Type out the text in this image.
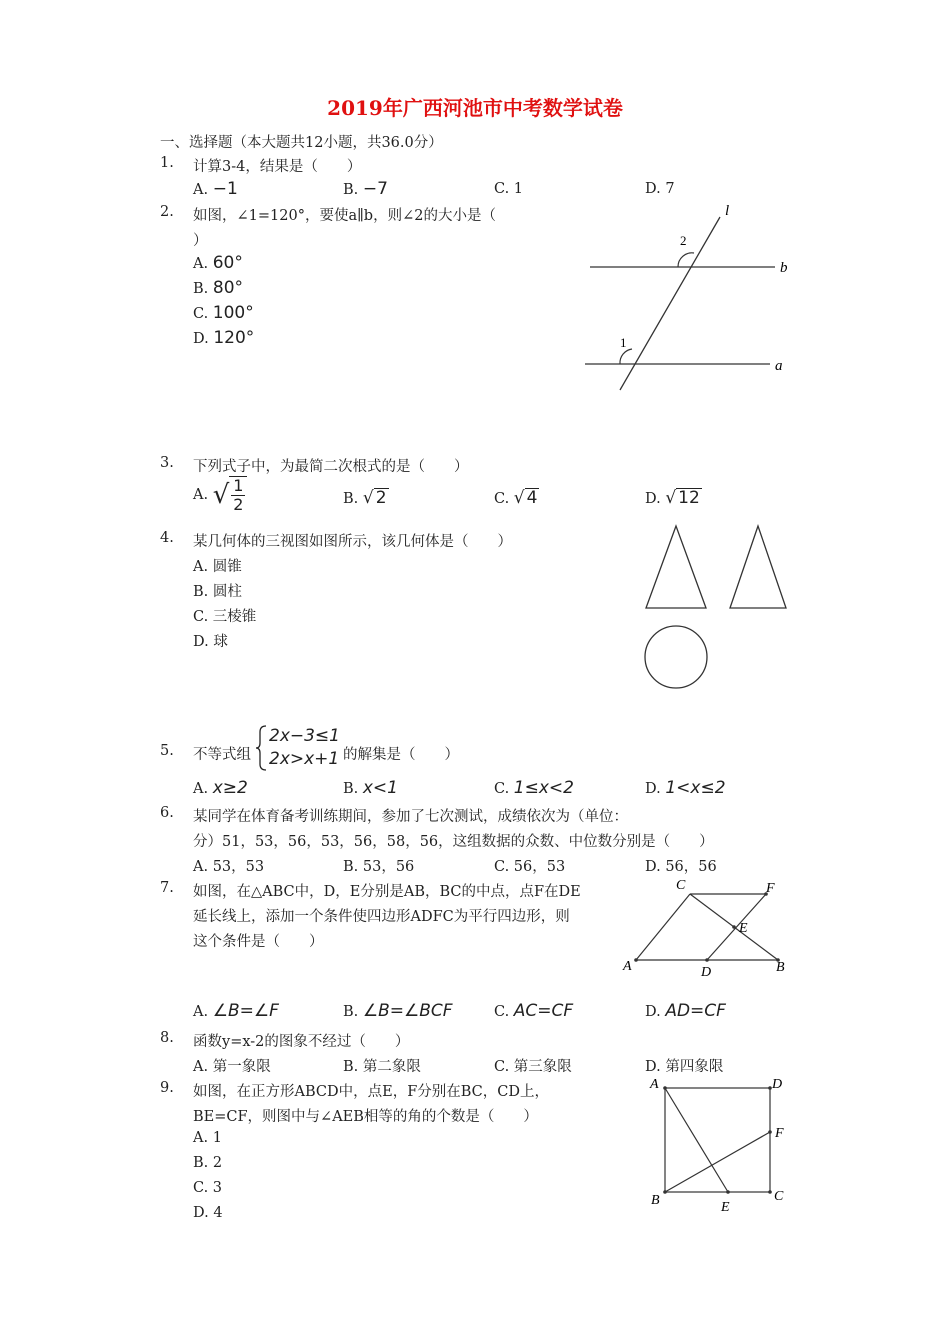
2019年广西河池市中考数学试卷
一、选择题（本大题共12小题，共36.0分）
1. 计算3-4，结果是（　　）
A. −1	B. −7	C. 1	D. 7
2. 如图，∠1=120°，要使a∥b，则∠2的大小是（
）
A. 60°
B. 80°
C. 100°
D. 120°
l
2
b
1
a
3. 下列式子中，为最简二次根式的是（　　）
A. √ $\frac{1}{2}$	B. √ 2	C. √ 4	D. √ 12
4. 某几何体的三视图如图所示，该几何体是（　　）
A. 圆锥
B. 圆柱
C. 三棱锥
D. 球
5. 不等式组
2x−3≤1
2x>x+1 的解集是（　　）
A. x≥2	B. x<1	C. 1≤x<2	D. 1<x≤2
6. 某同学在体育备考训练期间，参加了七次测试，成绩依次为（单位：
分）51，53，56，53，56，58，56，这组数据的众数、中位数分别是（　　）
A. 53，53	B. 53，56	C. 56，53	D. 56，56
7. 如图，在△ABC中，D，E分别是AB，BC的中点，点F在DE
延长线上，添加一个条件使四边形ADFC为平行四边形，则
这个条件是（　　）
A. ∠B=∠F	B. ∠B=∠BCF	C. AC=CF	D. AD=CF
C	F
E
A	D	B
8. 函数y=x-2的图象不经过（　　）
A. 第一象限	B. 第二象限	C. 第三象限	D. 第四象限
9. 如图，在正方形ABCD中，点E，F分别在BC，CD上，
BE=CF，则图中与∠AEB相等的角的个数是（　　）
A. 1
B. 2
C. 3
D. 4
A	D
F
B	E
C
